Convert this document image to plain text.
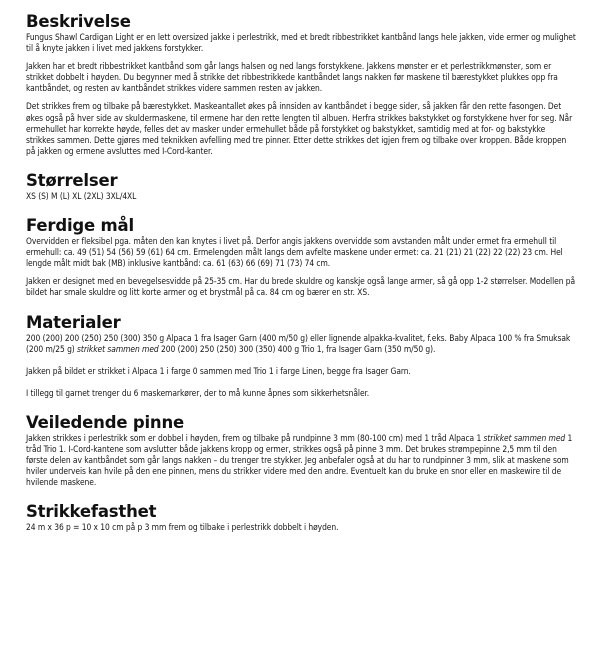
Beskrivelse

Fungus Shawl Cardigan Light er en lett oversized jakke i perlestrikk, med et bredt ribbestrikket kantbånd langs hele jakken, vide ermer og mulighet til å knyte jakken i livet med jakkens forstykker.

Jakken har et bredt ribbestrikket kantbånd som går langs halsen og ned langs forstykkene. Jakkens mønster er et perlestrikkmønster, som er strikket dobbelt i høyden. Du begynner med å strikke det ribbestrikkede kantbåndet langs nakken før maskene til bærestykket plukkes opp fra kantbåndet, og resten av kantbåndet strikkes videre sammen resten av jakken.

Det strikkes frem og tilbake på bærestykket. Maskeantallet økes på innsiden av kantbåndet i begge sider, så jakken får den rette fasongen. Det økes også på hver side av skuldermaskene, til ermene har den rette lengten til albuen. Herfra strikkes bakstykket og forstykkene hver for seg. Når ermehullet har korrekte høyde, felles det av masker under ermehullet både på forstykket og bakstykket, samtidig med at for- og bakstykke strikkes sammen. Dette gjøres med teknikken avfelling med tre pinner. Etter dette strikkes det igjen frem og tilbake over kroppen. Både kroppen på jakken og ermene avsluttes med I-Cord-kanter.

Størrelser

XS (S) M (L) XL (2XL) 3XL/4XL

Ferdige mål

Overvidden er fleksibel pga. måten den kan knytes i livet på. Derfor angis jakkens overvidde som avstanden målt under ermet fra ermehull til ermehull: ca. 49 (51) 54 (56) 59 (61) 64 cm. Ermelengden målt langs dem avfelte maskene under ermet: ca. 21 (21) 21 (22) 22 (22) 23 cm. Hel lengde målt midt bak (MB) inklusive kantbånd: ca. 61 (63) 66 (69) 71 (73) 74 cm.

Jakken er designet med en bevegelsesvidde på 25-35 cm. Har du brede skuldre og kanskje også lange armer, så gå opp 1-2 størrelser. Modellen på bildet har smale skuldre og litt korte armer og et brystmål på ca. 84 cm og bærer en str. XS.

Materialer

200 (200) 200 (250) 250 (300) 350 g Alpaca 1 fra Isager Garn (400 m/50 g) eller lignende alpakka-kvalitet, f.eks. Baby Alpaca 100 % fra Smuksak (200 m/25 g) strikket sammen med 200 (200) 250 (250) 300 (350) 400 g Trio 1, fra Isager Garn (350 m/50 g).

Jakken på bildet er strikket i Alpaca 1 i farge 0 sammen med Trio 1 i farge Linen, begge fra Isager Garn.

I tillegg til garnet trenger du 6 maskemarkører, der to må kunne åpnes som sikkerhetsnåler.

Veiledende pinne

Jakken strikkes i perlestrikk som er dobbel i høyden, frem og tilbake på rundpinne 3 mm (80-100 cm) med 1 tråd Alpaca 1 strikket sammen med 1 tråd Trio 1. I-Cord-kantene som avslutter både jakkens kropp og ermer, strikkes også på pinne 3 mm. Det brukes strømpepinne 2,5 mm til den første delen av kantbåndet som går langs nakken – du trenger tre stykker. Jeg anbefaler også at du har to rundpinner 3 mm, slik at maskene som hviler underveis kan hvile på den ene pinnen, mens du strikker videre med den andre. Eventuelt kan du bruke en snor eller en maskewire til de hvilende maskene.

Strikkefasthet

24 m x 36 p = 10 x 10 cm på p 3 mm frem og tilbake i perlestrikk dobbelt i høyden.
